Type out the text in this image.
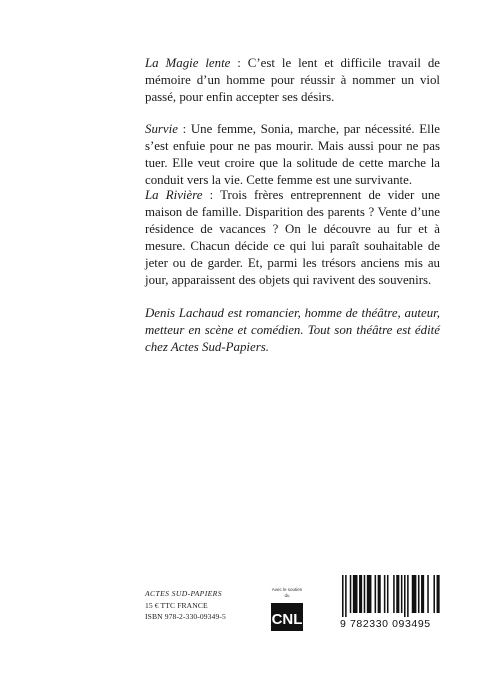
La Magie lente : C’est le lent et difficile travail de mémoire d’un homme pour réussir à nommer un viol passé, pour enfin accepter ses désirs.

Survie : Une femme, Sonia, marche, par nécessité. Elle s’est enfuie pour ne pas mourir. Mais aussi pour ne pas tuer. Elle veut croire que la solitude de cette marche la conduit vers la vie. Cette femme est une survivante.

La Rivière : Trois frères entreprennent de vider une maison de famille. Disparition des parents ? Vente d’une résidence de vacances ? On le découvre au fur et à mesure. Chacun décide ce qui lui paraît souhaitable de jeter ou de garder. Et, parmi les trésors anciens mis au jour, apparaissent des objets qui ravivent des souvenirs.

Denis Lachaud est romancier, homme de théâtre, auteur, metteur en scène et comédien. Tout son théâtre est édité chez Actes Sud-Papiers.

ACTES SUD-PAPIERS
15 € TTC FRANCE
ISBN 978-2-330-09349-5
Avec le soutien du
CNL	9 782330 093495
